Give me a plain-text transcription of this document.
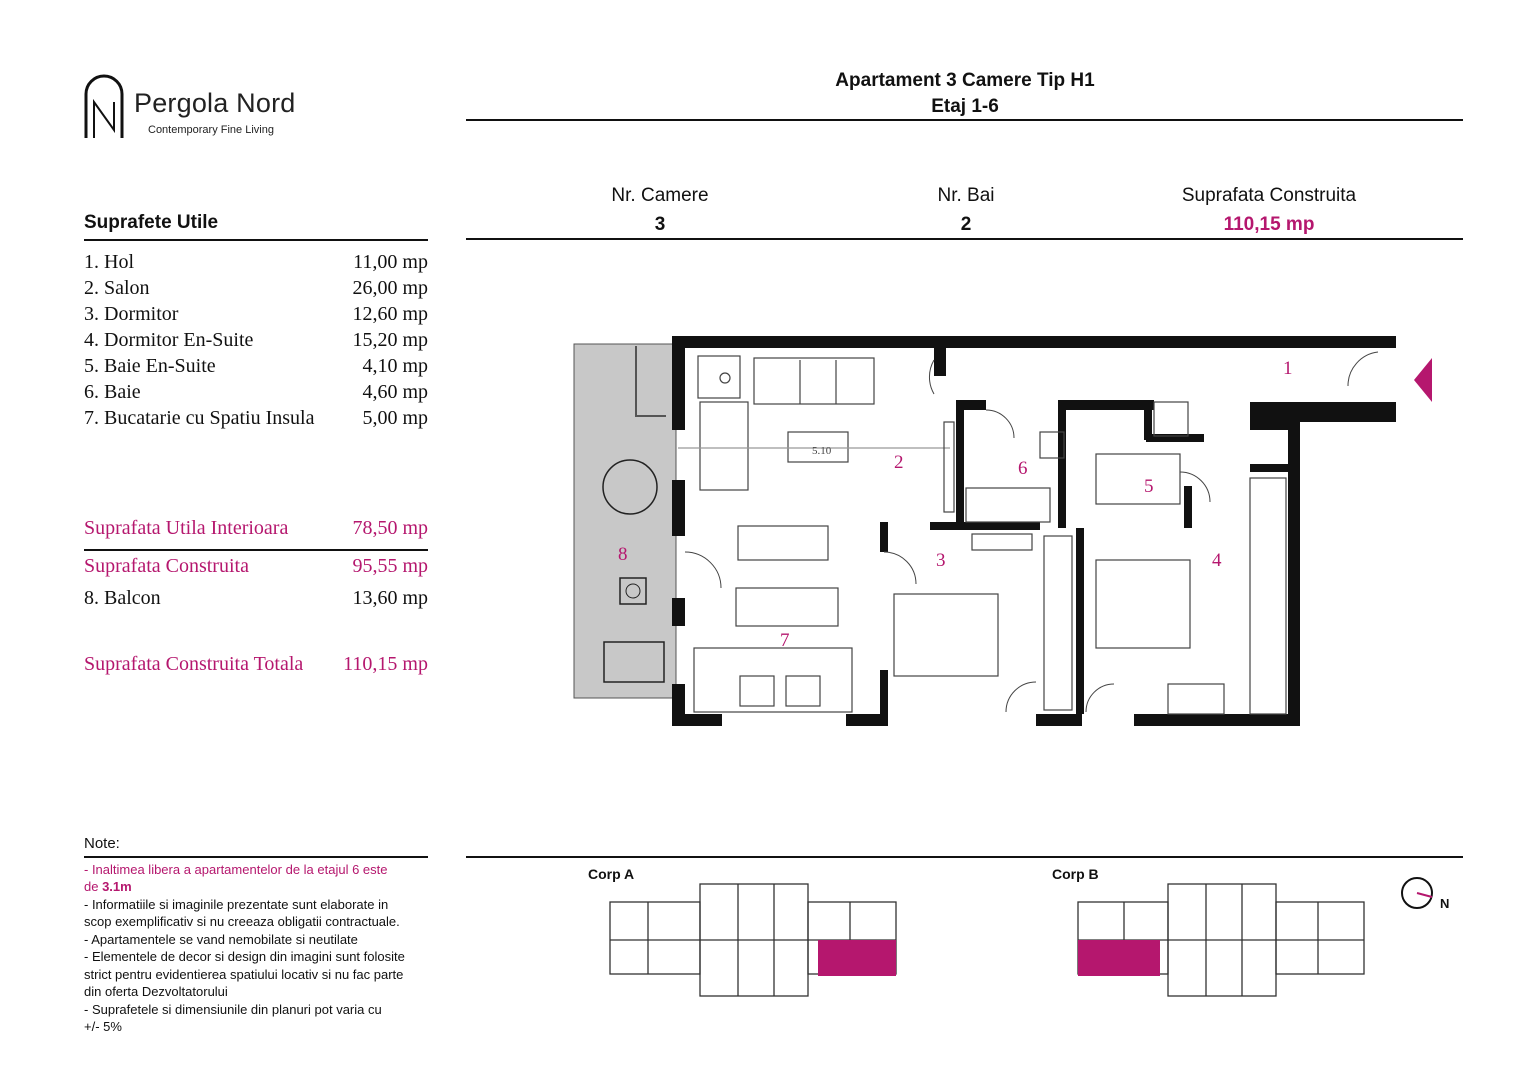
Pergola Nord
Contemporary Fine Living
Apartament 3 Camere Tip H1
Etaj 1-6
Nr. Camere
3
Nr. Bai
2
Suprafata Construita
110,15 mp
Suprafete Utile
1. Hol	11,00 mp
2. Salon	26,00 mp
3. Dormitor	12,60 mp
4. Dormitor En-Suite	15,20 mp
5. Baie En-Suite	4,10 mp
6. Baie	4,60 mp
7. Bucatarie cu Spatiu Insula 5,00 mp
Suprafata Utila Interioara	78,50 mp
Suprafata Construita	95,55 mp
8. Balcon	13,60 mp
Suprafata Construita Totala 110,15 mp
1
2
3	4
5
6
7
8
5.10
Note:
- Inaltimea libera a apartamentelor de la etajul 6 este
de 3.1m
- Informatiile si imaginile prezentate sunt elaborate in
scop exemplificativ si nu creeaza obligatii contractuale.
- Apartamentele se vand nemobilate si neutilate
- Elementele de decor si design din imagini sunt folosite
strict pentru evidentierea spatiului locativ si nu fac parte
din oferta Dezvoltatorului
- Suprafetele si dimensiunile din planuri pot varia cu
+/- 5%
Corp A	Corp B
N
